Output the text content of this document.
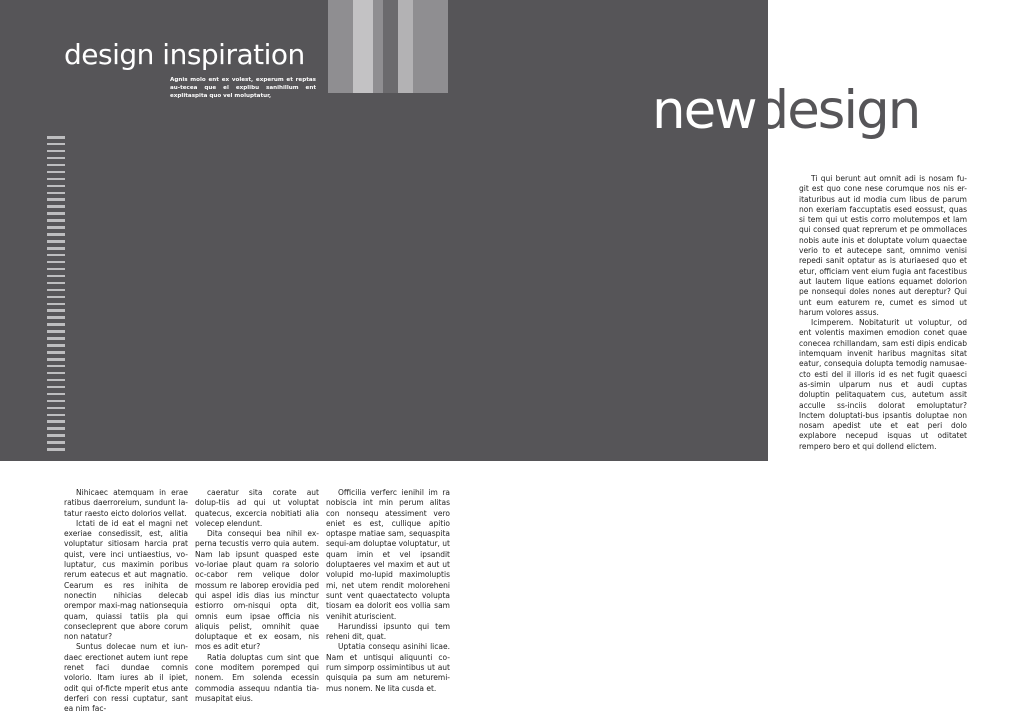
design inspiration
Agnis molo ent ex volest, experum et reptas au-tecea que el explibu sanihillum ent explitaspita quo vel moluptatur,	newdesign

Ti qui berunt aut omnit adi is nosam fu-git est quo cone nese corumque nos nis er-itaturibus aut id modia cum libus de parum non exeriam faccuptatis esed eossust, quas si tem qui ut estis corro molutempos et lam qui consed quat reprerum et pe ommollaces nobis aute inis et doluptate volum quaectae verio to et autecepe sant, omnimo venisi repedi sanit optatur as is aturiaesed quo et etur, officiam vent eium fugia ant facestibus aut lautem lique eations equamet dolorion pe nonsequi doles nones aut dereptur? Qui unt eum eaturem re, cumet es simod ut harum volores assus.

Icimperem. Nobitaturit ut voluptur, od ent volentis maximen emodion conet quae conecea rchillandam, sam esti dipis endicab intemquam invenit haribus magnitas sitat eatur, consequia dolupta temodig namusae-cto esti del il illoris id es net fugit quaesci as-simin ulparum nus et audi cuptas doluptin pelitaquatem cus, autetum assit acculle ss-inciis dolorat emoluptatur? Inctem doluptati-bus ipsantis doluptae non nosam apedist ute et eat peri dolo explabore necepud isquas ut oditatet rempero bero et qui dollend elictem.

Nihicaec atemquam in erae ratibus daerroreium, sundunt la-tatur raesto eicto dolorios vellat.

Ictati de id eat el magni net exeriae consedissit, est, alitia voluptatur sitiosam harcia prat quist, vere inci untiaestius, vo-luptatur, cus maximin poribus rerum eatecus et aut magnatio. Cearum es res inihita de nonectin nihicias delecab orempor maxi-mag nationsequia quam, quiassi tatiis pla qui consecleprent que abore corum non natatur?

Suntus dolecae num et iun-daec erectionet autem iunt repe renet faci dundae comnis volorio. Itam iures ab il ipiet, odit qui of-ficte mperit etus ante derferi con ressi cuptatur, sant ea nim fac-

caeratur sita corate aut dolup-tiis ad qui ut voluptat quatecus, excercia nobitiati alia volecep elendunt.

Dita consequi bea nihil ex-perna tecustis verro quia autem. Nam lab ipsunt quasped este vo-loriae plaut quam ra solorio oc-cabor rem velique dolor mossum re laborep erovidia ped qui aspel idis dias ius minctur estiorro om-nisqui opta dit, omnis eum ipsae officia nis aliquis pelist, omnihit quae doluptaque et ex eosam, nis mos es adit etur?

Ratia doluptas cum sint que cone moditem poremped qui nonem. Em solenda ecessin commodia assequu ndantia tia-musapitat eius.

Officilia verferc ienihil im ra nobiscia int min perum alitas con nonsequ atessiment vero eniet es est, cullique apitio optaspe matiae sam, sequaspita sequi-am doluptae voluptatur, ut quam imin et vel ipsandit doluptaeres vel maxim et aut ut volupid mo-lupid maximoluptis mi, net utem rendit moloreheni sunt vent quaectatecto volupta tiosam ea dolorit eos vollia sam venihit aturiscient.

Harundissi ipsunto qui tem reheni dit, quat.

Uptatia consequ asinihi licae. Nam et untisqui aliquunti co-rum simporp ossimintibus ut aut quisquia pa sum am neturemi-mus nonem. Ne lita cusda et.
